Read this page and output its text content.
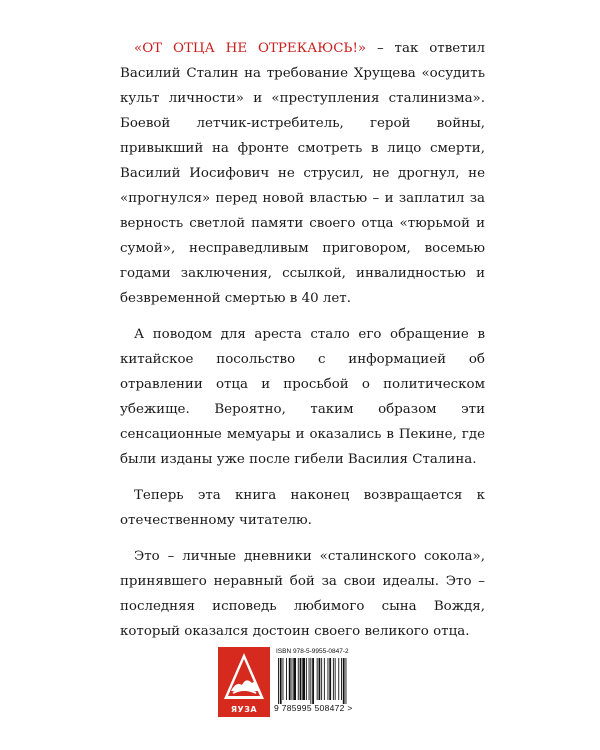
«ОТ ОТЦА НЕ ОТРЕКАЮСЬ!» – так ответил Василий Сталин на требование Хрущева «осудить культ личности» и «преступления сталинизма». Боевой летчик-истребитель, герой войны, привыкший на фронте смотреть в лицо смерти, Василий Иосифович не струсил, не дрогнул, не «прогнулся» перед новой властью – и заплатил за верность светлой памяти своего отца «тюрьмой и сумой», несправедливым приговором, восемью годами заключения, ссылкой, инвалидностью и безвременной смертью в 40 лет.

А поводом для ареста стало его обращение в китайское посольство с информацией об отравлении отца и просьбой о политическом убежище. Вероятно, таким образом эти сенсационные мемуары и оказались в Пекине, где были изданы уже после гибели Василия Сталина.

Теперь эта книга наконец возвращается к отечественному читателю.

Это – личные дневники «сталинского сокола», принявшего неравный бой за свои идеалы. Это – последняя исповедь любимого сына Вождя, который оказался достоин своего великого отца.

ЯУЗА
ISBN 978-5-9955-0847-2
9 785995 508472 >
